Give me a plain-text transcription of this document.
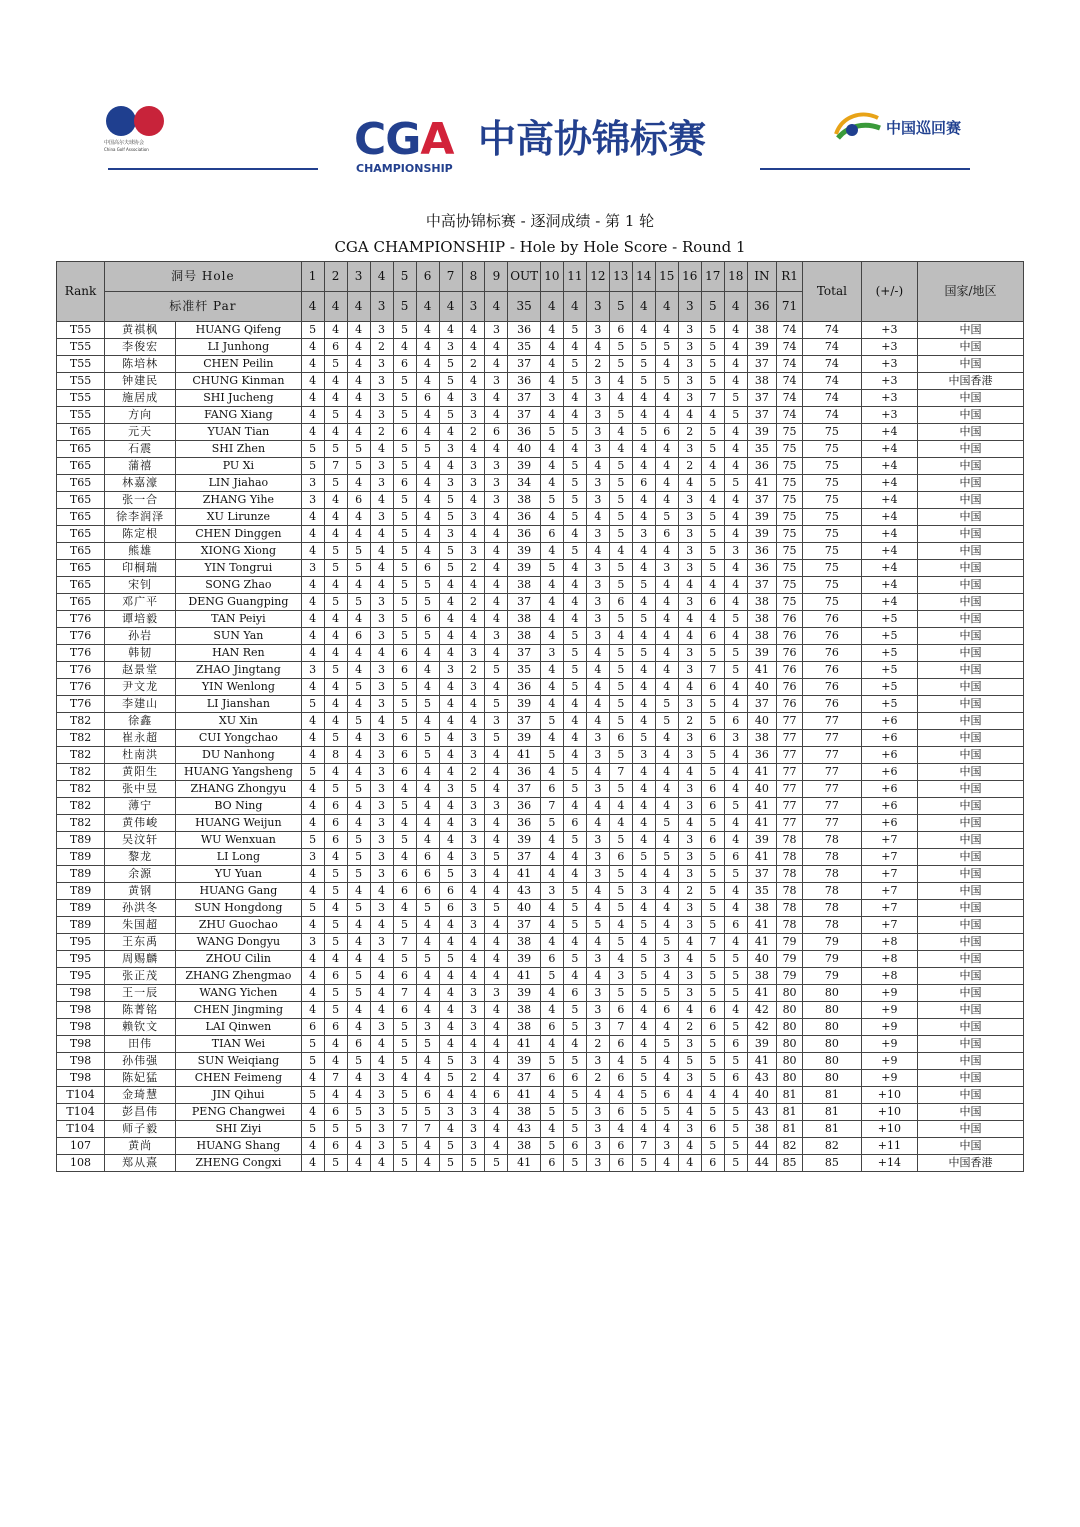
中国高尔夫球协会
China Golf Association	CGA
CHAMPIONSHIP
中高协锦标赛	中国巡回赛
中高协锦标赛 - 逐洞成绩 - 第 1 轮
CGA CHAMPIONSHIP - Hole by Hole Score - Round 1
Rank	洞号 Hole		1	2	3	4	5	6	7	8	9	OUT	10	11	12	13	14	15	16	17	18	IN	R1	Total	(+/-)	国家/地区
	标准杆 Par		4	4	4	3	5	4	4	3	4	35	4	4	3	5	4	4	3	5	4	36	71			
T55	黄祺枫	HUANG Qifeng	5	4	4	3	5	4	4	4	3	36	4	5	3	6	4	4	3	5	4	38	74	74	+3	中国
T55	李俊宏	LI Junhong	4	6	4	2	4	4	3	4	4	35	4	4	4	5	5	5	3	5	4	39	74	74	+3	中国
T55	陈培林	CHEN Peilin	4	5	4	3	6	4	5	2	4	37	4	5	2	5	5	4	3	5	4	37	74	74	+3	中国
T55	钟建民	CHUNG Kinman	4	4	4	3	5	4	5	4	3	36	4	5	3	4	5	5	3	5	4	38	74	74	+3	中国香港
T55	施居成	SHI Jucheng	4	4	4	3	5	6	4	3	4	37	3	4	3	4	4	4	3	7	5	37	74	74	+3	中国
T55	方向	FANG Xiang	4	5	4	3	5	4	5	3	4	37	4	4	3	5	4	4	4	4	5	37	74	74	+3	中国
T65	元天	YUAN Tian	4	4	4	2	6	4	4	2	6	36	5	5	3	4	5	6	2	5	4	39	75	75	+4	中国
T65	石震	SHI Zhen	5	5	5	4	5	5	3	4	4	40	4	4	3	4	4	4	3	5	4	35	75	75	+4	中国
T65	蒲禧	PU Xi	5	7	5	3	5	4	4	3	3	39	4	5	4	5	4	4	2	4	4	36	75	75	+4	中国
T65	林嘉濠	LIN Jiahao	3	5	4	3	6	4	3	3	3	34	4	5	3	5	6	4	4	5	5	41	75	75	+4	中国
T65	张一合	ZHANG Yihe	3	4	6	4	5	4	5	4	3	38	5	5	3	5	4	4	3	4	4	37	75	75	+4	中国
T65	徐李润泽	XU Lirunze	4	4	4	3	5	4	5	3	4	36	4	5	4	5	4	5	3	5	4	39	75	75	+4	中国
T65	陈定根	CHEN Dinggen	4	4	4	4	5	4	3	4	4	36	6	4	3	5	3	6	3	5	4	39	75	75	+4	中国
T65	熊雄	XIONG Xiong	4	5	5	4	5	4	5	3	4	39	4	5	4	4	4	4	3	5	3	36	75	75	+4	中国
T65	印桐瑞	YIN Tongrui	3	5	5	4	5	6	5	2	4	39	5	4	3	5	4	3	3	5	4	36	75	75	+4	中国
T65	宋钊	SONG Zhao	4	4	4	4	5	5	4	4	4	38	4	4	3	5	5	4	4	4	4	37	75	75	+4	中国
T65	邓广平	DENG Guangping	4	5	5	3	5	5	4	2	4	37	4	4	3	6	4	4	3	6	4	38	75	75	+4	中国
T76	谭培毅	TAN Peiyi	4	4	4	3	5	6	4	4	4	38	4	4	3	5	5	4	4	4	5	38	76	76	+5	中国
T76	孙岩	SUN Yan	4	4	6	3	5	5	4	4	3	38	4	5	3	4	4	4	4	6	4	38	76	76	+5	中国
T76	韩韧	HAN Ren	4	4	4	4	6	4	4	3	4	37	3	5	4	5	5	4	3	5	5	39	76	76	+5	中国
T76	赵景堂	ZHAO Jingtang	3	5	4	3	6	4	3	2	5	35	4	5	4	5	4	4	3	7	5	41	76	76	+5	中国
T76	尹文龙	YIN Wenlong	4	4	5	3	5	4	4	3	4	36	4	5	4	5	4	4	4	6	4	40	76	76	+5	中国
T76	李建山	LI Jianshan	5	4	4	3	5	5	4	4	5	39	4	4	4	5	4	5	3	5	4	37	76	76	+5	中国
T82	徐鑫	XU Xin	4	4	5	4	5	4	4	4	3	37	5	4	4	5	4	5	2	5	6	40	77	77	+6	中国
T82	崔永超	CUI Yongchao	4	5	4	3	6	5	4	3	5	39	4	4	3	6	5	4	3	6	3	38	77	77	+6	中国
T82	杜南洪	DU Nanhong	4	8	4	3	6	5	4	3	4	41	5	4	3	5	3	4	3	5	4	36	77	77	+6	中国
T82	黄阳生	HUANG Yangsheng	5	4	4	3	6	4	4	2	4	36	4	5	4	7	4	4	4	5	4	41	77	77	+6	中国
T82	张中昱	ZHANG Zhongyu	4	5	5	3	4	4	3	5	4	37	6	5	3	5	4	4	3	6	4	40	77	77	+6	中国
T82	薄宁	BO Ning	4	6	4	3	5	4	4	3	3	36	7	4	4	4	4	4	3	6	5	41	77	77	+6	中国
T82	黄伟峻	HUANG Weijun	4	6	4	3	4	4	4	3	4	36	5	6	4	4	4	5	4	5	4	41	77	77	+6	中国
T89	吴汶轩	WU Wenxuan	5	6	5	3	5	4	4	3	4	39	4	5	3	5	4	4	3	6	4	39	78	78	+7	中国
T89	黎龙	LI Long	3	4	5	3	4	6	4	3	5	37	4	4	3	6	5	5	3	5	6	41	78	78	+7	中国
T89	余源	YU Yuan	4	5	5	3	6	6	5	3	4	41	4	4	3	5	4	4	3	5	5	37	78	78	+7	中国
T89	黄钢	HUANG Gang	4	5	4	4	6	6	6	4	4	43	3	5	4	5	3	4	2	5	4	35	78	78	+7	中国
T89	孙洪冬	SUN Hongdong	5	4	5	3	4	5	6	3	5	40	4	5	4	5	4	4	3	5	4	38	78	78	+7	中国
T89	朱国超	ZHU Guochao	4	5	4	4	5	4	4	3	4	37	4	5	5	4	5	4	3	5	6	41	78	78	+7	中国
T95	王东禹	WANG Dongyu	3	5	4	3	7	4	4	4	4	38	4	4	4	5	4	5	4	7	4	41	79	79	+8	中国
T95	周赐麟	ZHOU Cilin	4	4	4	4	5	5	5	4	4	39	6	5	3	4	5	3	4	5	5	40	79	79	+8	中国
T95	张正茂	ZHANG Zhengmao	4	6	5	4	6	4	4	4	4	41	5	4	4	3	5	4	3	5	5	38	79	79	+8	中国
T98	王一辰	WANG Yichen	4	5	5	4	7	4	4	3	3	39	4	6	3	5	5	5	3	5	5	41	80	80	+9	中国
T98	陈菁铭	CHEN Jingming	4	5	4	4	6	4	4	3	4	38	4	5	3	6	4	6	4	6	4	42	80	80	+9	中国
T98	赖钦文	LAI Qinwen	6	6	4	3	5	3	4	3	4	38	6	5	3	7	4	4	2	6	5	42	80	80	+9	中国
T98	田伟	TIAN Wei	5	4	6	4	5	5	4	4	4	41	4	4	2	6	4	5	3	5	6	39	80	80	+9	中国
T98	孙伟强	SUN Weiqiang	5	4	5	4	5	4	5	3	4	39	5	5	3	4	5	4	5	5	5	41	80	80	+9	中国
T98	陈妃猛	CHEN Feimeng	4	7	4	3	4	4	5	2	4	37	6	6	2	6	5	4	3	5	6	43	80	80	+9	中国
T104	金琦慧	JIN Qihui	5	4	4	3	5	6	4	4	6	41	4	5	4	4	5	6	4	4	4	40	81	81	+10	中国
T104	彭昌伟	PENG Changwei	4	6	5	3	5	5	3	3	4	38	5	5	3	6	5	5	4	5	5	43	81	81	+10	中国
T104	师子毅	SHI Ziyi	5	5	5	3	7	7	4	3	4	43	4	5	3	4	4	4	3	6	5	38	81	81	+10	中国
107	黄尚	HUANG Shang	4	6	4	3	5	4	5	3	4	38	5	6	3	6	7	3	4	5	5	44	82	82	+11	中国
108	郑从熹	ZHENG Congxi	4	5	4	4	5	4	5	5	5	41	6	5	3	6	5	4	4	6	5	44	85	85	+14	中国香港
